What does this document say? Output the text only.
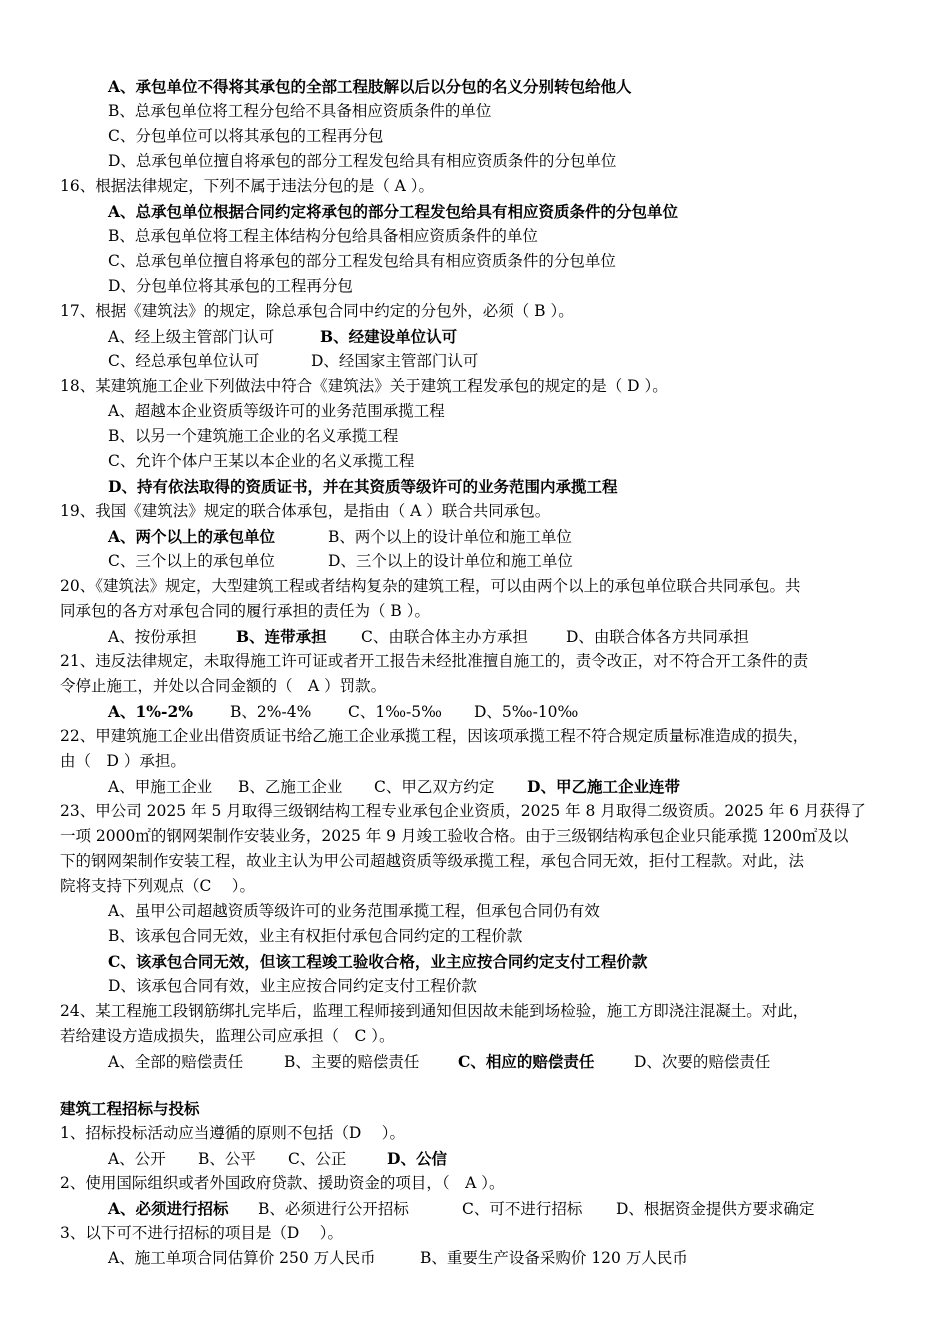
A、承包单位不得将其承包的全部工程肢解以后以分包的名义分别转包给他人
B、总承包单位将工程分包给不具备相应资质条件的单位
C、分包单位可以将其承包的工程再分包
D、总承包单位擅自将承包的部分工程发包给具有相应资质条件的分包单位
16、根据法律规定，下列不属于违法分包的是（ A ）。
A、总承包单位根据合同约定将承包的部分工程发包给具有相应资质条件的分包单位
B、总承包单位将工程主体结构分包给具备相应资质条件的单位
C、总承包单位擅自将承包的部分工程发包给具有相应资质条件的分包单位
D、分包单位将其承包的工程再分包
17、根据《建筑法》的规定，除总承包合同中约定的分包外，必须（ B ）。
A、经上级主管部门认可	B、经建设单位认可
C、经总承包单位认可	D、经国家主管部门认可
18、某建筑施工企业下列做法中符合《建筑法》关于建筑工程发承包的规定的是（ D ）。
A、超越本企业资质等级许可的业务范围承揽工程
B、以另一个建筑施工企业的名义承揽工程
C、允许个体户王某以本企业的名义承揽工程
D、持有依法取得的资质证书，并在其资质等级许可的业务范围内承揽工程
19、我国《建筑法》规定的联合体承包，是指由（ A ）联合共同承包。
A、两个以上的承包单位	B、两个以上的设计单位和施工单位
C、三个以上的承包单位	D、三个以上的设计单位和施工单位
20、《建筑法》规定，大型建筑工程或者结构复杂的建筑工程，可以由两个以上的承包单位联合共同承包。共
同承包的各方对承包合同的履行承担的责任为（ B ）。
A、按份承担	B、连带承担 C、由联合体主办方承担 D、由联合体各方共同承担
21、违反法律规定，未取得施工许可证或者开工报告未经批准擅自施工的，责令改正，对不符合开工条件的责
令停止施工，并处以合同金额的（　A ）罚款。
A、1%-2% B、2%-4% C、1‰-5‰ D、5‰-10‰
22、甲建筑施工企业出借资质证书给乙施工企业承揽工程，因该项承揽工程不符合规定质量标准造成的损失，
由（　D ）承担。
A、甲施工企业 B、乙施工企业 C、甲乙双方约定 D、甲乙施工企业连带
23、甲公司 2025 年 5 月取得三级钢结构工程专业承包企业资质，2025 年 8 月取得二级资质。2025 年 6 月获得了
一项 2000㎡的钢网架制作安装业务，2025 年 9 月竣工验收合格。由于三级钢结构承包企业只能承揽 1200㎡及以
下的钢网架制作安装工程，故业主认为甲公司超越资质等级承揽工程，承包合同无效，拒付工程款。对此，法
院将支持下列观点（C　 ）。
A、虽甲公司超越资质等级许可的业务范围承揽工程，但承包合同仍有效
B、该承包合同无效，业主有权拒付承包合同约定的工程价款
C、该承包合同无效，但该工程竣工验收合格，业主应按合同约定支付工程价款
D、该承包合同有效，业主应按合同约定支付工程价款
24、某工程施工段钢筋绑扎完毕后，监理工程师接到通知但因故未能到场检验，施工方即浇注混凝土。对此，
若给建设方造成损失，监理公司应承担（　C ）。
A、全部的赔偿责任	B、主要的赔偿责任 C、相应的赔偿责任	D、次要的赔偿责任
建筑工程招标与投标
1、招标投标活动应当遵循的原则不包括（D　 ）。
A、公开 B、公平 C、公正	D、公信
2、使用国际组织或者外国政府贷款、援助资金的项目，（　A ）。
A、必须进行招标 B、必须进行公开招标	C、可不进行招标 D、根据资金提供方要求确定
3、以下可不进行招标的项目是（D　 ）。
A、施工单项合同估算价 250 万人民币	B、重要生产设备采购价 120 万人民币
